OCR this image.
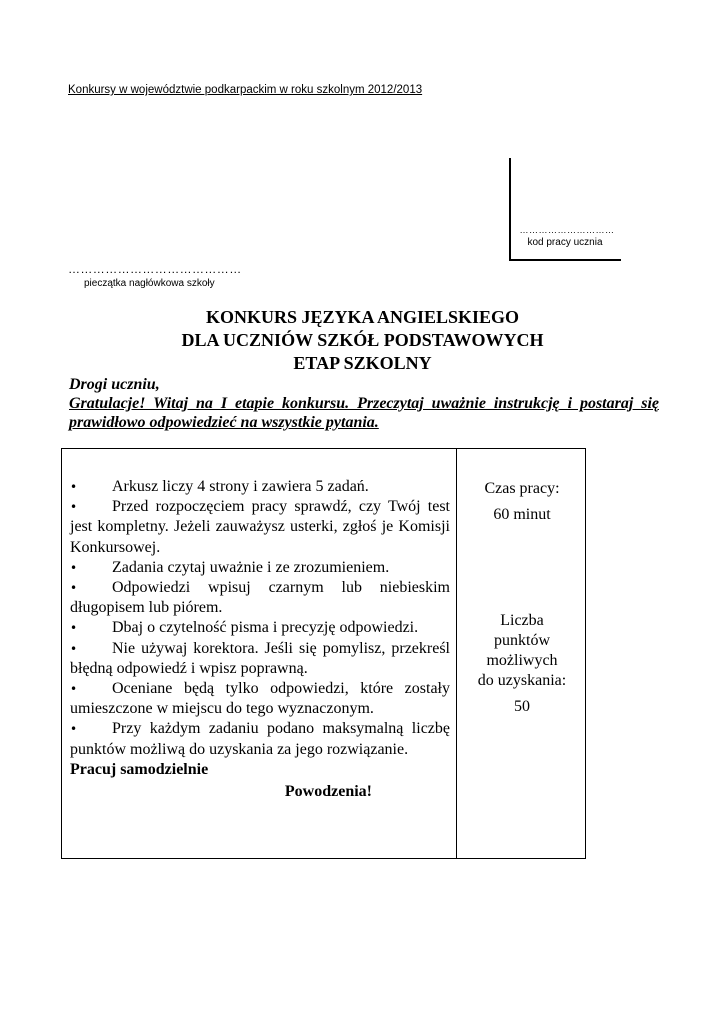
Konkursy w województwie podkarpackim w roku szkolnym 2012/2013
…………………………
kod pracy ucznia
……………………………………
pieczątka nagłówkowa szkoły
KONKURS JĘZYKA ANGIELSKIEGO
DLA UCZNIÓW SZKÓŁ PODSTAWOWYCH
ETAP SZKOLNY
Drogi uczniu,
Gratulacje! Witaj na I etapie konkursu. Przeczytaj uważnie instrukcję i postaraj się prawidłowo odpowiedzieć na wszystkie pytania.

• Arkusz liczy 4 strony i zawiera 5 zadań.

• Przed rozpoczęciem pracy sprawdź, czy Twój test jest kompletny. Jeżeli zauważysz usterki, zgłoś je Komisji Konkursowej.

• Zadania czytaj uważnie i ze zrozumieniem.

• Odpowiedzi wpisuj czarnym lub niebieskim długopisem lub piórem.

• Dbaj o czytelność pisma i precyzję odpowiedzi.

• Nie używaj korektora. Jeśli się pomylisz, przekreśl błędną odpowiedź i wpisz poprawną.

• Oceniane będą tylko odpowiedzi, które zostały umieszczone w miejscu do tego wyznaczonym.

• Przy każdym zadaniu podano maksymalną liczbę punktów możliwą do uzyskania za jego rozwiązanie.

Pracuj samodzielnie

Powodzenia!

Czas pracy:
60 minut
Liczba
punktów
możliwych
do uzyskania:
50
